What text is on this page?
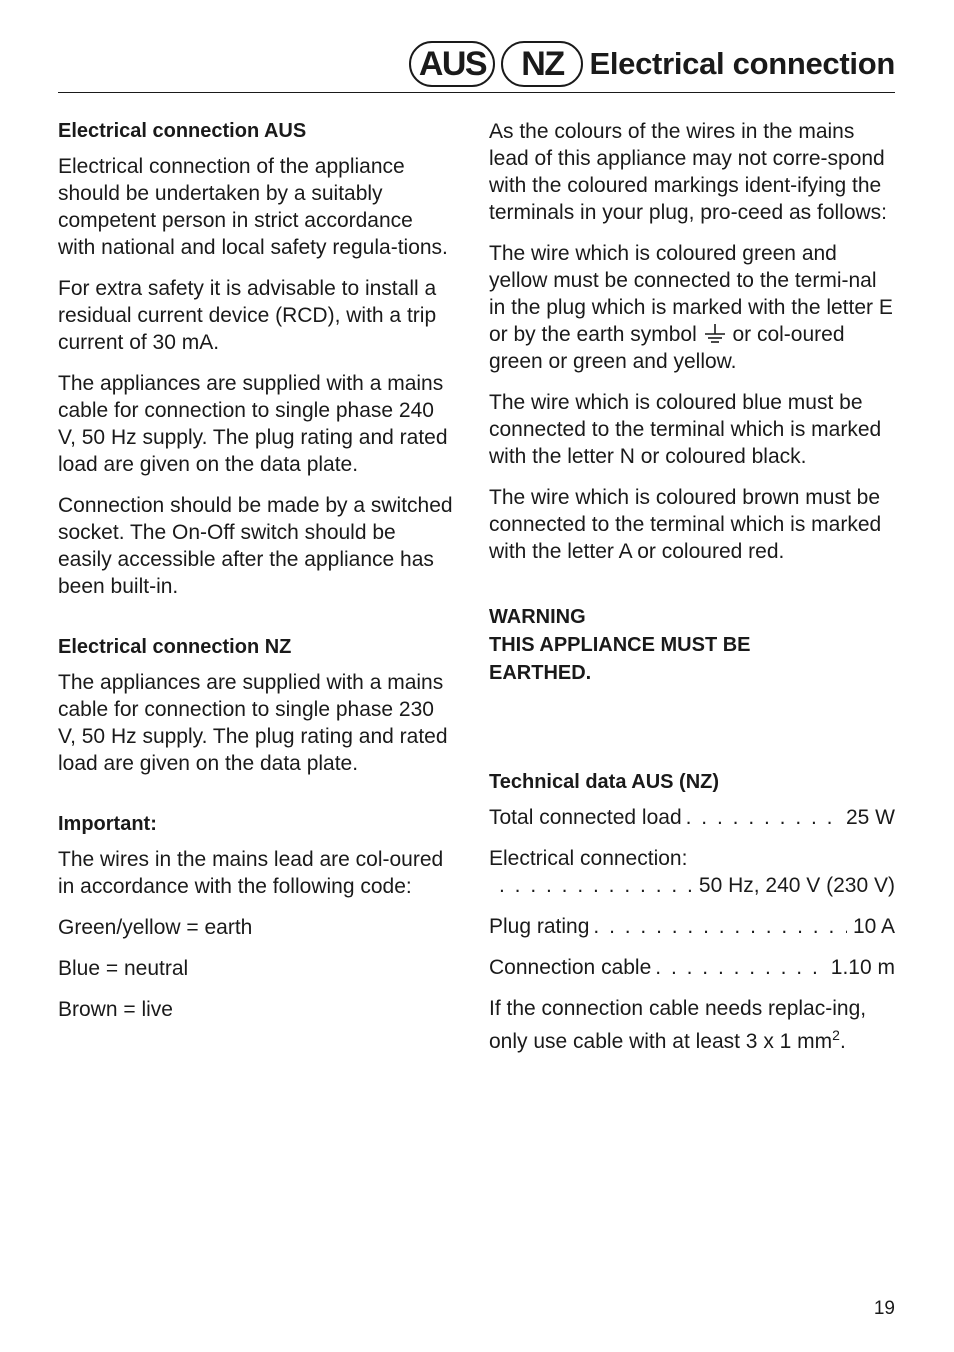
AUS	NZ Electrical connection
Electrical connection AUS

Electrical connection of the appliance should be undertaken by a suitably competent person in strict accordance with national and local safety regula-tions.

For extra safety it is advisable to install a residual current device (RCD), with a trip current of 30 mA.

The appliances are supplied with a mains cable for connection to single phase 240 V, 50 Hz supply. The plug rating and rated load are given on the data plate.

Connection should be made by a switched socket. The On-Off switch should be easily accessible after the appliance has been built-in.

Electrical connection NZ

The appliances are supplied with a mains cable for connection to single phase 230 V, 50 Hz supply. The plug rating and rated load are given on the data plate.

Important:

The wires in the mains lead are col-oured in accordance with the following code:

Green/yellow = earth

Blue = neutral

Brown = live

As the colours of the wires in the mains lead of this appliance may not corre-spond with the coloured markings ident-ifying the terminals in your plug, pro-ceed as follows:

The wire which is coloured green and yellow must be connected to the termi-nal in the plug which is marked with the letter E or by the earth symbol or col-oured green or green and yellow.

The wire which is coloured blue must be connected to the terminal which is marked with the letter N or coloured black.

The wire which is coloured brown must be connected to the terminal which is marked with the letter A or coloured red.

WARNING
THIS APPLIANCE MUST BE
EARTHED.
Technical data AUS (NZ)
Total connected load . . .	25 W
Electrical connection:
. . .
50 Hz, 240 V (230 V)
Plug rating . . .	10 A
Connection cable . . .	1.10 m

If the connection cable needs replac-ing, only use cable with at least 3 x 1 $mm^2$.

19
